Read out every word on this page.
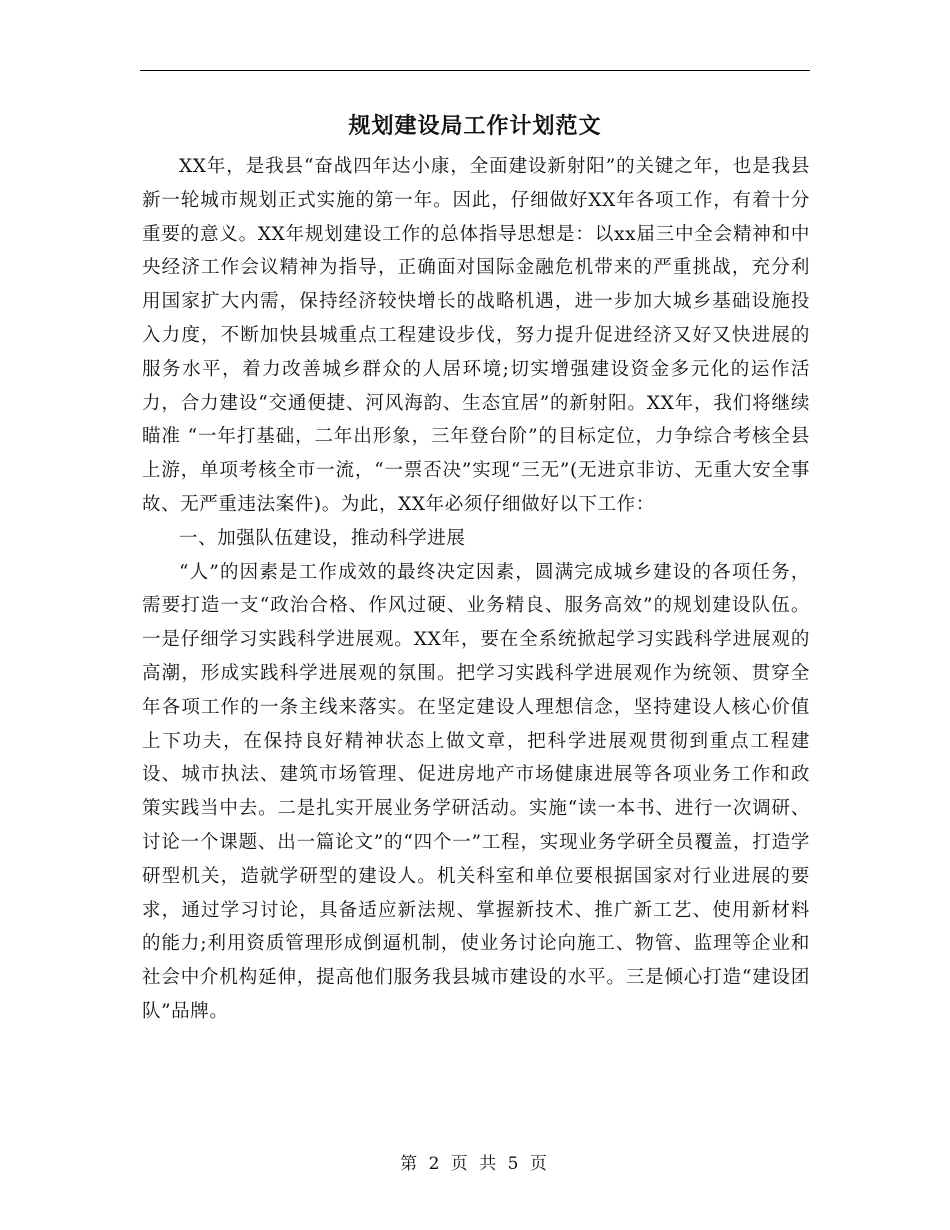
规划建设局工作计划范文

XX年，是我县“奋战四年达小康，全面建设新射阳”的关键之年，也是我县新一轮城市规划正式实施的第一年。因此，仔细做好XX年各项工作，有着十分重要的意义。XX年规划建设工作的总体指导思想是：以xx届三中全会精神和中央经济工作会议精神为指导，正确面对国际金融危机带来的严重挑战，充分利用国家扩大内需，保持经济较快增长的战略机遇，进一步加大城乡基础设施投入力度，不断加快县城重点工程建设步伐，努力提升促进经济又好又快进展的服务水平，着力改善城乡群众的人居环境;切实增强建设资金多元化的运作活力，合力建设“交通便捷、河风海韵、生态宜居”的新射阳。XX年，我们将继续瞄准 “一年打基础，二年出形象，三年登台阶”的目标定位，力争综合考核全县上游，单项考核全市一流，“一票否决”实现“三无”(无进京非访、无重大安全事故、无严重违法案件)。为此，XX年必须仔细做好以下工作：

一、加强队伍建设，推动科学进展

“人”的因素是工作成效的最终决定因素，圆满完成城乡建设的各项任务，需要打造一支“政治合格、作风过硬、业务精良、服务高效”的规划建设队伍。一是仔细学习实践科学进展观。XX年，要在全系统掀起学习实践科学进展观的高潮，形成实践科学进展观的氛围。把学习实践科学进展观作为统领、贯穿全年各项工作的一条主线来落实。在坚定建设人理想信念，坚持建设人核心价值上下功夫，在保持良好精神状态上做文章，把科学进展观贯彻到重点工程建设、城市执法、建筑市场管理、促进房地产市场健康进展等各项业务工作和政策实践当中去。二是扎实开展业务学研活动。实施“读一本书、进行一次调研、讨论一个课题、出一篇论文”的“四个一”工程，实现业务学研全员覆盖，打造学研型机关，造就学研型的建设人。机关科室和单位要根据国家对行业进展的要求，通过学习讨论，具备适应新法规、掌握新技术、推广新工艺、使用新材料的能力;利用资质管理形成倒逼机制，使业务讨论向施工、物管、监理等企业和社会中介机构延伸，提高他们服务我县城市建设的水平。三是倾心打造“建设团队”品牌。

第 2 页 共 5 页
